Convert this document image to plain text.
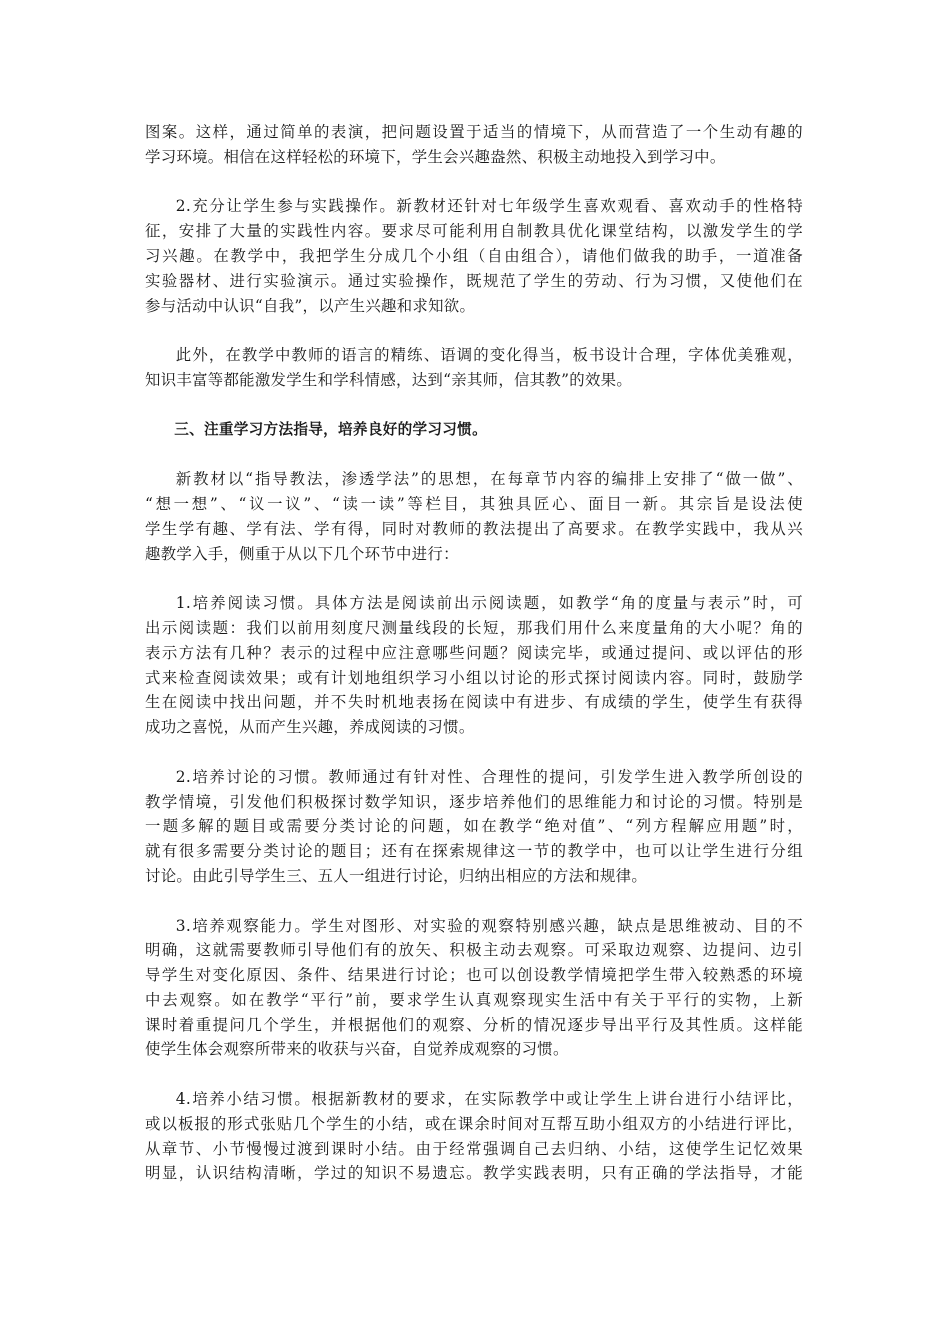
图案。这样，通过简单的表演，把问题设置于适当的情境下，从而营造了一个生动有趣的
学习环境。相信在这样轻松的环境下，学生会兴趣盎然、积极主动地投入到学习中。

2.充分让学生参与实践操作。新教材还针对七年级学生喜欢观看、喜欢动手的性格特
征，安排了大量的实践性内容。要求尽可能利用自制教具优化课堂结构，以激发学生的学
习兴趣。在教学中，我把学生分成几个小组（自由组合），请他们做我的助手，一道准备
实验器材、进行实验演示。通过实验操作，既规范了学生的劳动、行为习惯，又使他们在
参与活动中认识“自我”，以产生兴趣和求知欲。

此外，在教学中教师的语言的精练、语调的变化得当，板书设计合理，字体优美雅观，
知识丰富等都能激发学生和学科情感，达到“亲其师，信其教”的效果。

三、注重学习方法指导，培养良好的学习习惯。

新教材以“指导教法，渗透学法”的思想，在每章节内容的编排上安排了“做一做”、
“想一想”、“议一议”、“读一读”等栏目，其独具匠心、面目一新。其宗旨是设法使
学生学有趣、学有法、学有得，同时对教师的教法提出了高要求。在教学实践中，我从兴
趣教学入手，侧重于从以下几个环节中进行：

1.培养阅读习惯。具体方法是阅读前出示阅读题，如教学“角的度量与表示”时，可
出示阅读题：我们以前用刻度尺测量线段的长短，那我们用什么来度量角的大小呢？角的
表示方法有几种？表示的过程中应注意哪些问题？阅读完毕，或通过提问、或以评估的形
式来检查阅读效果；或有计划地组织学习小组以讨论的形式探讨阅读内容。同时，鼓励学
生在阅读中找出问题，并不失时机地表扬在阅读中有进步、有成绩的学生，使学生有获得
成功之喜悦，从而产生兴趣，养成阅读的习惯。

2.培养讨论的习惯。教师通过有针对性、合理性的提问，引发学生进入教学所创设的
教学情境，引发他们积极探讨数学知识，逐步培养他们的思维能力和讨论的习惯。特别是
一题多解的题目或需要分类讨论的问题，如在教学“绝对值”、“列方程解应用题”时，
就有很多需要分类讨论的题目；还有在探索规律这一节的教学中，也可以让学生进行分组
讨论。由此引导学生三、五人一组进行讨论，归纳出相应的方法和规律。

3.培养观察能力。学生对图形、对实验的观察特别感兴趣，缺点是思维被动、目的不
明确，这就需要教师引导他们有的放矢、积极主动去观察。可采取边观察、边提问、边引
导学生对变化原因、条件、结果进行讨论；也可以创设教学情境把学生带入较熟悉的环境
中去观察。如在教学“平行”前，要求学生认真观察现实生活中有关于平行的实物，上新
课时着重提问几个学生，并根据他们的观察、分析的情况逐步导出平行及其性质。这样能
使学生体会观察所带来的收获与兴奋，自觉养成观察的习惯。

4.培养小结习惯。根据新教材的要求，在实际教学中或让学生上讲台进行小结评比，
或以板报的形式张贴几个学生的小结，或在课余时间对互帮互助小组双方的小结进行评比，
从章节、小节慢慢过渡到课时小结。由于经常强调自己去归纳、小结，这使学生记忆效果
明显，认识结构清晰，学过的知识不易遗忘。教学实践表明，只有正确的学法指导，才能
